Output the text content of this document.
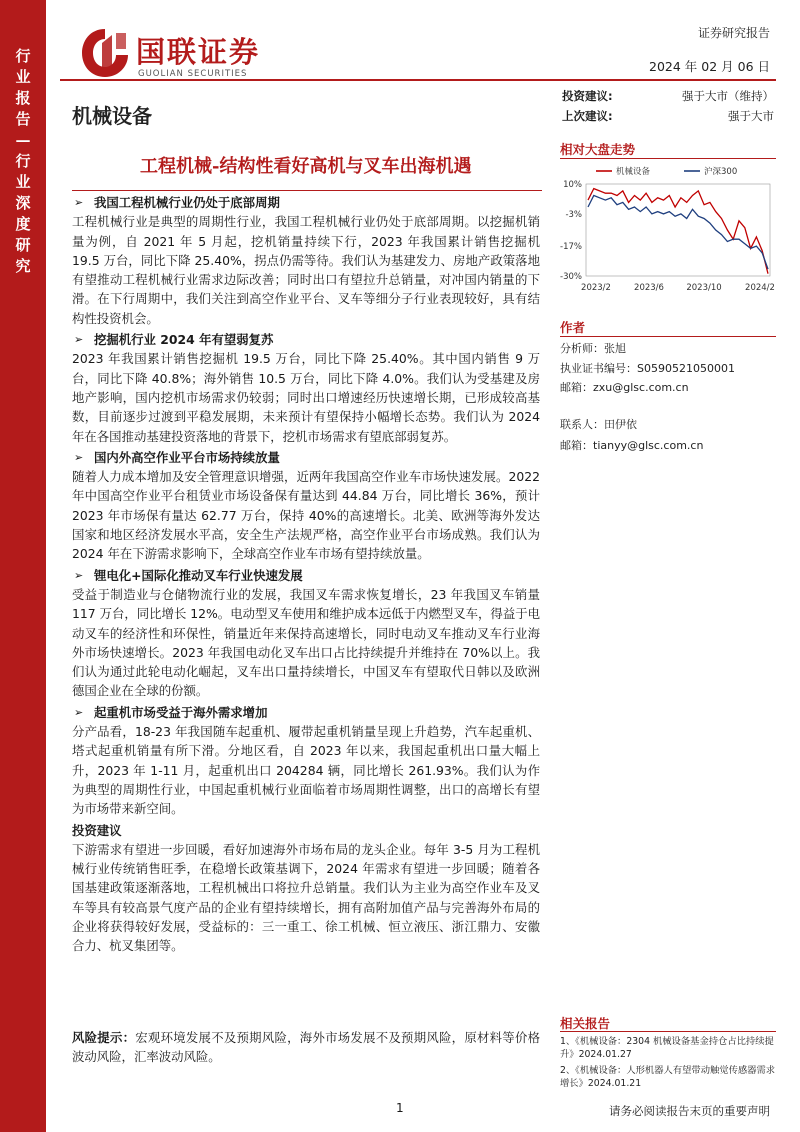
行
业
报
告
—
行
业
深
度
研
究
国联证券
GUOLIAN SECURITIES
证券研究报告
2024 年 02 月 06 日
机械设备
投资建议:	强于大市（维持）
上次建议:	强于大市
工程机械-结构性看好高机与叉车出海机遇
➢ 我国工程机械行业仍处于底部周期

工程机械行业是典型的周期性行业，我国工程机械行业仍处于底部周期。以挖掘机销量为例，自 2021 年 5 月起，挖机销量持续下行，2023 年我国累计销售挖掘机 19.5 万台，同比下降 25.40%，拐点仍需等待。我们认为基建发力、房地产政策落地有望推动工程机械行业需求边际改善；同时出口有望拉升总销量，对冲国内销量的下滑。在下行周期中，我们关注到高空作业平台、叉车等细分子行业表现较好，具有结构性投资机会。

➢ 挖掘机行业 2024 年有望弱复苏

2023 年我国累计销售挖掘机 19.5 万台，同比下降 25.40%。其中国内销售 9 万台，同比下降 40.8%；海外销售 10.5 万台，同比下降 4.0%。我们认为受基建及房地产影响，国内挖机市场需求仍较弱；同时出口增速经历快速增长期，已形成较高基数，目前逐步过渡到平稳发展期，未来预计有望保持小幅增长态势。我们认为 2024 年在各国推动基建投资落地的背景下，挖机市场需求有望底部弱复苏。

➢ 国内外高空作业平台市场持续放量

随着人力成本增加及安全管理意识增强，近两年我国高空作业车市场快速发展。2022 年中国高空作业平台租赁业市场设备保有量达到 44.84 万台，同比增长 36%，预计 2023 年市场保有量达 62.77 万台，保持 40%的高速增长。北美、欧洲等海外发达国家和地区经济发展水平高，安全生产法规严格，高空作业平台市场成熟。我们认为 2024 年在下游需求影响下，全球高空作业车市场有望持续放量。

➢ 锂电化+国际化推动叉车行业快速发展

受益于制造业与仓储物流行业的发展，我国叉车需求恢复增长，23 年我国叉车销量 117 万台，同比增长 12%。电动型叉车使用和维护成本远低于内燃型叉车，得益于电动叉车的经济性和环保性，销量近年来保持高速增长，同时电动叉车推动叉车行业海外市场快速增长。2023 年我国电动化叉车出口占比持续提升并维持在 70%以上。我们认为通过此轮电动化崛起，叉车出口量持续增长，中国叉车有望取代日韩以及欧洲德国企业在全球的份额。

➢ 起重机市场受益于海外需求增加

分产品看，18-23 年我国随车起重机、履带起重机销量呈现上升趋势，汽车起重机、塔式起重机销量有所下滑。分地区看，自 2023 年以来，我国起重机出口量大幅上升，2023 年 1-11 月，起重机出口 204284 辆，同比增长 261.93%。我们认为作为典型的周期性行业，中国起重机械行业面临着市场周期性调整，出口的高增长有望为市场带来新空间。

投资建议

下游需求有望进一步回暖，看好加速海外市场布局的龙头企业。每年 3-5 月为工程机械行业传统销售旺季，在稳增长政策基调下，2024 年需求有望进一步回暖；随着各国基建政策逐渐落地，工程机械出口将拉升总销量。我们认为主业为高空作业车及叉车等具有较高景气度产品的企业有望持续增长，拥有高附加值产品与完善海外布局的企业将获得较好发展，受益标的：三一重工、徐工机械、恒立液压、浙江鼎力、安徽合力、杭叉集团等。

风险提示：宏观环境发展不及预期风险，海外市场发展不及预期风险，原材料等价格波动风险，汇率波动风险。
相对大盘走势
10%
-3%
-17%
-30%
2023/2	2023/6	2023/10	2024/2
机械设备	沪深300
作者
分析师：张旭
执业证书编号：S0590521050001
邮箱：zxu@glsc.com.cn
联系人：田伊依
邮箱：tianyy@glsc.com.cn
相关报告
1、《机械设备：2304 机械设备基金持仓占比持续提升》2024.01.27
2、《机械设备：人形机器人有望带动触觉传感器需求增长》2024.01.21
1	请务必阅读报告末页的重要声明
